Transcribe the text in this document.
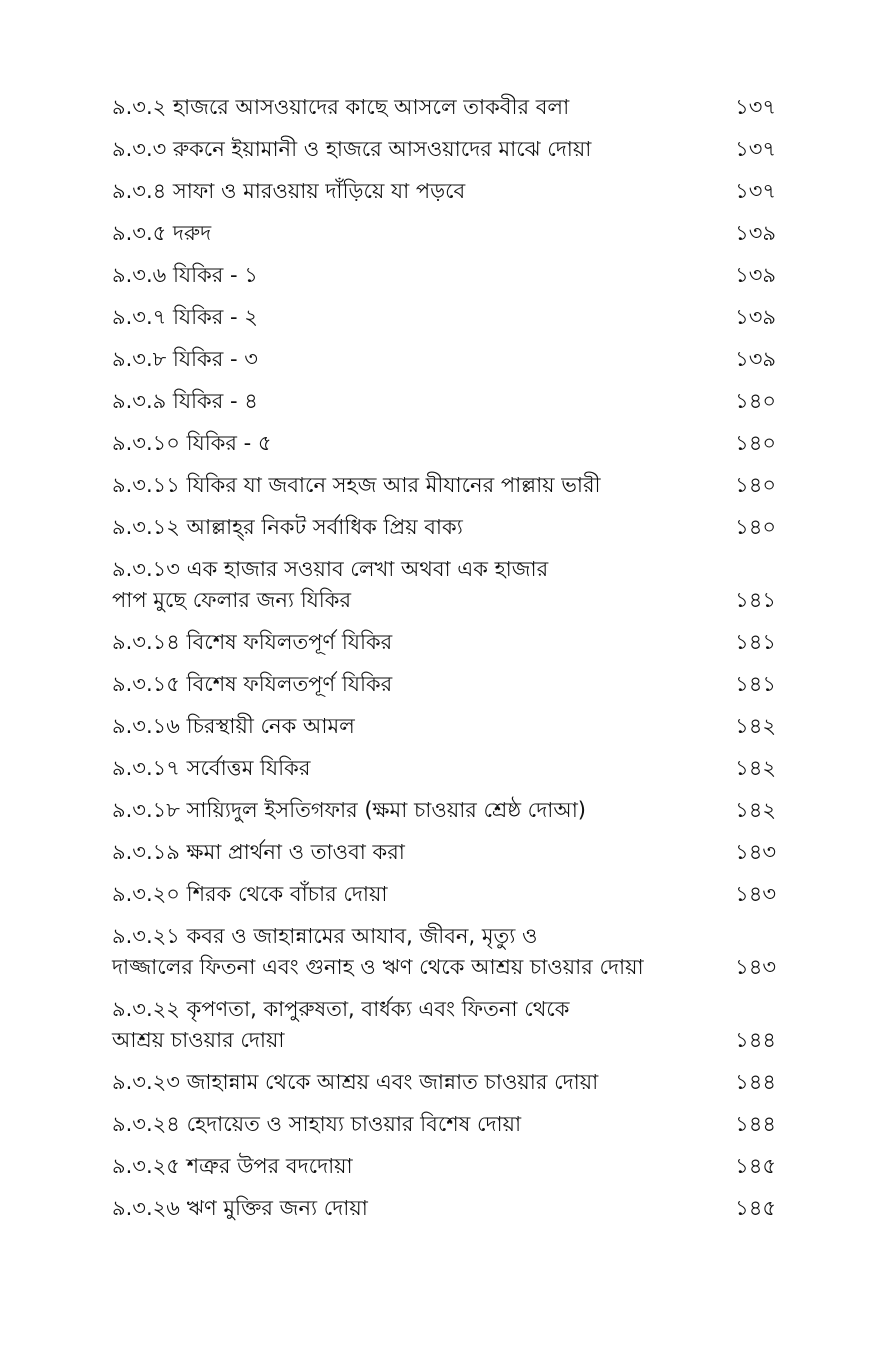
৯.৩.২ হাজরে আসওয়াদের কাছে আসলে তাকবীর বলা	১৩৭
৯.৩.৩ রুকনে ইয়ামানী ও হাজরে আসওয়াদের মাঝে দোয়া	১৩৭
৯.৩.৪ সাফা ও মারওয়ায় দাঁড়িয়ে যা পড়বে	১৩৭
৯.৩.৫ দরুদ	১৩৯
৯.৩.৬ যিকির - ১	১৩৯
৯.৩.৭ যিকির - ২	১৩৯
৯.৩.৮ যিকির - ৩	১৩৯
৯.৩.৯ যিকির - ৪	১৪০
৯.৩.১০ যিকির - ৫	১৪০
৯.৩.১১ যিকির যা জবানে সহজ আর মীযানের পাল্লায় ভারী	১৪০
৯.৩.১২ আল্লাহ্‌র নিকট সর্বাধিক প্রিয় বাক্য	১৪০
৯.৩.১৩ এক হাজার সওয়াব লেখা অথবা এক হাজার
পাপ মুছে ফেলার জন্য যিকির	১৪১
৯.৩.১৪ বিশেষ ফযিলতপূর্ণ যিকির	১৪১
৯.৩.১৫ বিশেষ ফযিলতপূর্ণ যিকির	১৪১
৯.৩.১৬ চিরস্থায়ী নেক আমল	১৪২
৯.৩.১৭ সর্বোত্তম যিকির	১৪২
৯.৩.১৮ সায়্যিদুল ইসতিগফার (ক্ষমা চাওয়ার শ্রেষ্ঠ দোআ)	১৪২
৯.৩.১৯ ক্ষমা প্রার্থনা ও তাওবা করা	১৪৩
৯.৩.২০ শিরক থেকে বাঁচার দোয়া	১৪৩
৯.৩.২১ কবর ও জাহান্নামের আযাব, জীবন, মৃত্যু ও
দাজ্জালের ফিতনা এবং গুনাহ ও ঋণ থেকে আশ্রয় চাওয়ার দোয়া	১৪৩
৯.৩.২২ কৃপণতা, কাপুরুষতা, বার্ধক্য এবং ফিতনা থেকে
আশ্রয় চাওয়ার দোয়া	১৪৪
৯.৩.২৩ জাহান্নাম থেকে আশ্রয় এবং জান্নাত চাওয়ার দোয়া	১৪৪
৯.৩.২৪ হেদায়েত ও সাহায্য চাওয়ার বিশেষ দোয়া	১৪৪
৯.৩.২৫ শত্রুর উপর বদদোয়া	১৪৫
৯.৩.২৬ ঋণ মুক্তির জন্য দোয়া	১৪৫
